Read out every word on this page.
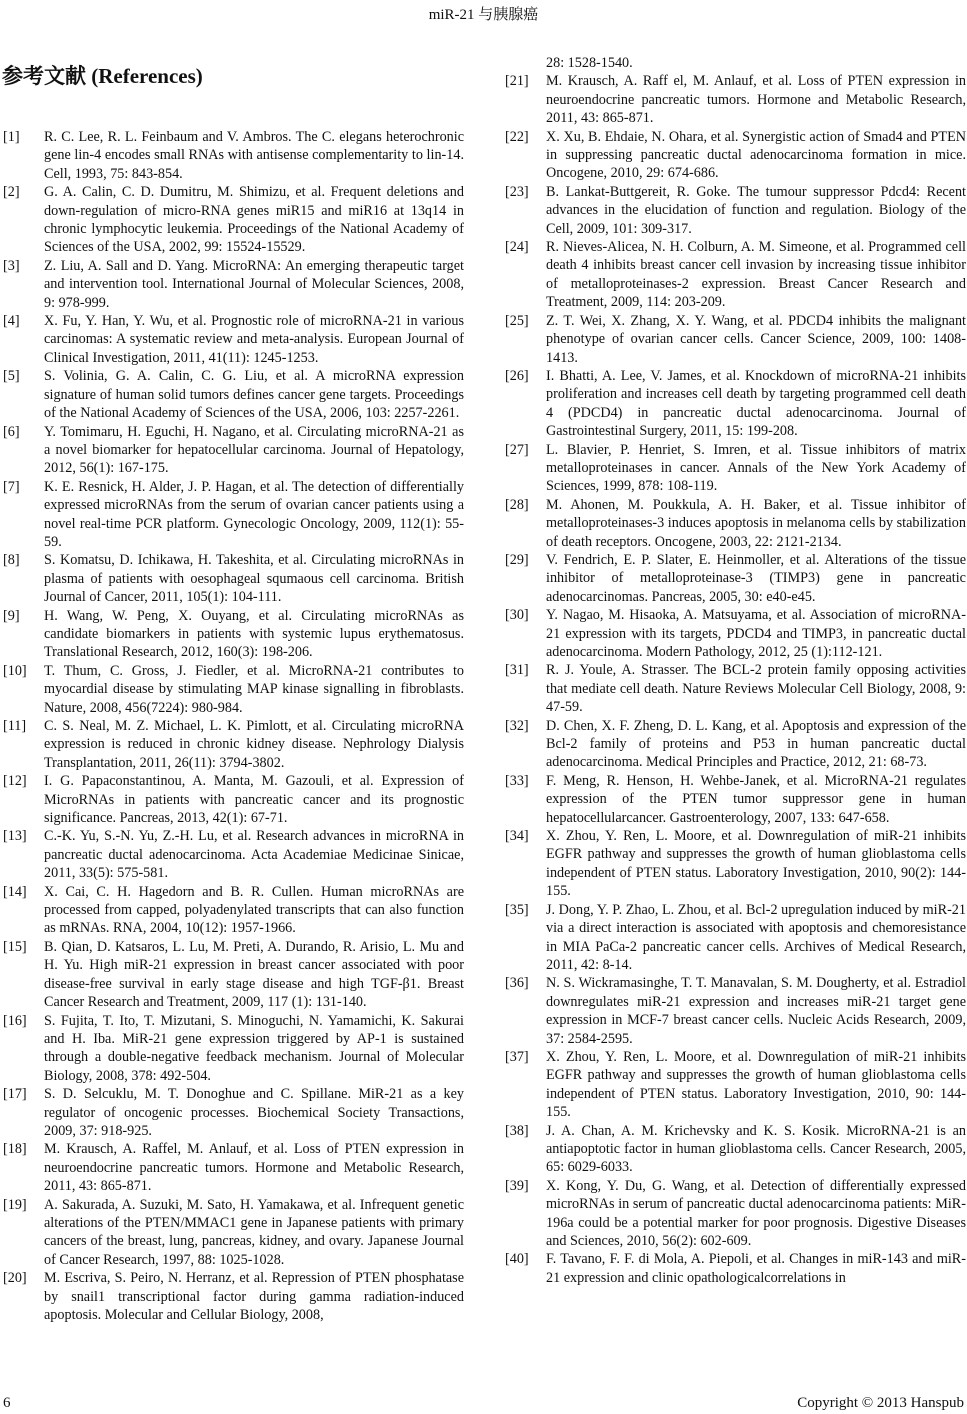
miR-21 与胰腺癌
参考文献 (References)
[1]	R. C. Lee, R. L. Feinbaum and V. Ambros. The C. elegans heterochronic gene lin-4 encodes small RNAs with antisense complementarity to lin-14. Cell, 1993, 75: 843-854.
[2]	G. A. Calin, C. D. Dumitru, M. Shimizu, et al. Frequent deletions and down-regulation of micro-RNA genes miR15 and miR16 at 13q14 in chronic lymphocytic leukemia. Proceedings of the National Academy of Sciences of the USA, 2002, 99: 15524-15529.
[3]	Z. Liu, A. Sall and D. Yang. MicroRNA: An emerging therapeutic target and intervention tool. International Journal of Molecular Sciences, 2008, 9: 978-999.
[4]	X. Fu, Y. Han, Y. Wu, et al. Prognostic role of microRNA-21 in various carcinomas: A systematic review and meta-analysis. European Journal of Clinical Investigation, 2011, 41(11): 1245-1253.
[5]	S. Volinia, G. A. Calin, C. G. Liu, et al. A microRNA expression signature of human solid tumors defines cancer gene targets. Proceedings of the National Academy of Sciences of the USA, 2006, 103: 2257-2261.
[6]	Y. Tomimaru, H. Eguchi, H. Nagano, et al. Circulating microRNA-21 as a novel biomarker for hepatocellular carcinoma. Journal of Hepatology, 2012, 56(1): 167-175.
[7]	K. E. Resnick, H. Alder, J. P. Hagan, et al. The detection of differentially expressed microRNAs from the serum of ovarian cancer patients using a novel real-time PCR platform. Gynecologic Oncology, 2009, 112(1): 55-59.
[8]	S. Komatsu, D. Ichikawa, H. Takeshita, et al. Circulating microRNAs in plasma of patients with oesophageal squmaous cell carcinoma. British Journal of Cancer, 2011, 105(1): 104-111.
[9]	H. Wang, W. Peng, X. Ouyang, et al. Circulating microRNAs as candidate biomarkers in patients with systemic lupus erythematosus. Translational Research, 2012, 160(3): 198-206.
[10]	T. Thum, C. Gross, J. Fiedler, et al. MicroRNA-21 contributes to myocardial disease by stimulating MAP kinase signalling in fibroblasts. Nature, 2008, 456(7224): 980-984.
[11]	C. S. Neal, M. Z. Michael, L. K. Pimlott, et al. Circulating microRNA expression is reduced in chronic kidney disease. Nephrology Dialysis Transplantation, 2011, 26(11): 3794-3802.
[12]	I. G. Papaconstantinou, A. Manta, M. Gazouli, et al. Expression of MicroRNAs in patients with pancreatic cancer and its prognostic significance. Pancreas, 2013, 42(1): 67-71.
[13]	C.-K. Yu, S.-N. Yu, Z.-H. Lu, et al. Research advances in microRNA in pancreatic ductal adenocarcinoma. Acta Academiae Medicinae Sinicae, 2011, 33(5): 575-581.
[14]	X. Cai, C. H. Hagedorn and B. R. Cullen. Human microRNAs are processed from capped, polyadenylated transcripts that can also function as mRNAs. RNA, 2004, 10(12): 1957-1966.
[15]	B. Qian, D. Katsaros, L. Lu, M. Preti, A. Durando, R. Arisio, L. Mu and H. Yu. High miR-21 expression in breast cancer associated with poor disease-free survival in early stage disease and high TGF-β1. Breast Cancer Research and Treatment, 2009, 117 (1): 131-140.
[16]	S. Fujita, T. Ito, T. Mizutani, S. Minoguchi, N. Yamamichi, K. Sakurai and H. Iba. MiR-21 gene expression triggered by AP-1 is sustained through a double-negative feedback mechanism. Journal of Molecular Biology, 2008, 378: 492-504.
[17]	S. D. Selcuklu, M. T. Donoghue and C. Spillane. MiR-21 as a key regulator of oncogenic processes. Biochemical Society Transactions, 2009, 37: 918-925.
[18]	M. Krausch, A. Raffel, M. Anlauf, et al. Loss of PTEN expression in neuroendocrine pancreatic tumors. Hormone and Metabolic Research, 2011, 43: 865-871.
[19]	A. Sakurada, A. Suzuki, M. Sato, H. Yamakawa, et al. Infrequent genetic alterations of the PTEN/MMAC1 gene in Japanese patients with primary cancers of the breast, lung, pancreas, kidney, and ovary. Japanese Journal of Cancer Research, 1997, 88: 1025-1028.
[20]	M. Escriva, S. Peiro, N. Herranz, et al. Repression of PTEN phosphatase by snail1 transcriptional factor during gamma radiation-induced apoptosis. Molecular and Cellular Biology, 2008,
28: 1528-1540.
[21]	M. Krausch, A. Raff el, M. Anlauf, et al. Loss of PTEN expression in neuroendocrine pancreatic tumors. Hormone and Metabolic Research, 2011, 43: 865-871.
[22]	X. Xu, B. Ehdaie, N. Ohara, et al. Synergistic action of Smad4 and PTEN in suppressing pancreatic ductal adenocarcinoma formation in mice. Oncogene, 2010, 29: 674-686.
[23]	B. Lankat-Buttgereit, R. Goke. The tumour suppressor Pdcd4: Recent advances in the elucidation of function and regulation. Biology of the Cell, 2009, 101: 309-317.
[24]	R. Nieves-Alicea, N. H. Colburn, A. M. Simeone, et al. Programmed cell death 4 inhibits breast cancer cell invasion by increasing tissue inhibitor of metalloproteinases-2 expression. Breast Cancer Research and Treatment, 2009, 114: 203-209.
[25]	Z. T. Wei, X. Zhang, X. Y. Wang, et al. PDCD4 inhibits the malignant phenotype of ovarian cancer cells. Cancer Science, 2009, 100: 1408-1413.
[26]	I. Bhatti, A. Lee, V. James, et al. Knockdown of microRNA-21 inhibits proliferation and increases cell death by targeting programmed cell death 4 (PDCD4) in pancreatic ductal adenocarcinoma. Journal of Gastrointestinal Surgery, 2011, 15: 199-208.
[27]	L. Blavier, P. Henriet, S. Imren, et al. Tissue inhibitors of matrix metalloproteinases in cancer. Annals of the New York Academy of Sciences, 1999, 878: 108-119.
[28]	M. Ahonen, M. Poukkula, A. H. Baker, et al. Tissue inhibitor of metalloproteinases-3 induces apoptosis in melanoma cells by stabilization of death receptors. Oncogene, 2003, 22: 2121-2134.
[29]	V. Fendrich, E. P. Slater, E. Heinmoller, et al. Alterations of the tissue inhibitor of metalloproteinase-3 (TIMP3) gene in pancreatic adenocarcinomas. Pancreas, 2005, 30: e40-e45.
[30]	Y. Nagao, M. Hisaoka, A. Matsuyama, et al. Association of microRNA-21 expression with its targets, PDCD4 and TIMP3, in pancreatic ductal adenocarcinoma. Modern Pathology, 2012, 25 (1):112-121.
[31]	R. J. Youle, A. Strasser. The BCL-2 protein family opposing activities that mediate cell death. Nature Reviews Molecular Cell Biology, 2008, 9: 47-59.
[32]	D. Chen, X. F. Zheng, D. L. Kang, et al. Apoptosis and expression of the Bcl-2 family of proteins and P53 in human pancreatic ductal adenocarcinoma. Medical Principles and Practice, 2012, 21: 68-73.
[33]	F. Meng, R. Henson, H. Wehbe-Janek, et al. MicroRNA-21 regulates expression of the PTEN tumor suppressor gene in human hepatocellularcancer. Gastroenterology, 2007, 133: 647-658.
[34]	X. Zhou, Y. Ren, L. Moore, et al. Downregulation of miR-21 inhibits EGFR pathway and suppresses the growth of human glioblastoma cells independent of PTEN status. Laboratory Investigation, 2010, 90(2): 144-155.
[35]	J. Dong, Y. P. Zhao, L. Zhou, et al. Bcl-2 upregulation induced by miR-21 via a direct interaction is associated with apoptosis and chemoresistance in MIA PaCa-2 pancreatic cancer cells. Archives of Medical Research, 2011, 42: 8-14.
[36]	N. S. Wickramasinghe, T. T. Manavalan, S. M. Dougherty, et al. Estradiol downregulates miR-21 expression and increases miR-21 target gene expression in MCF-7 breast cancer cells. Nucleic Acids Research, 2009, 37: 2584-2595.
[37]	X. Zhou, Y. Ren, L. Moore, et al. Downregulation of miR-21 inhibits EGFR pathway and suppresses the growth of human glioblastoma cells independent of PTEN status. Laboratory Investigation, 2010, 90: 144-155.
[38]	J. A. Chan, A. M. Krichevsky and K. S. Kosik. MicroRNA-21 is an antiapoptotic factor in human glioblastoma cells. Cancer Research, 2005, 65: 6029-6033.
[39]	X. Kong, Y. Du, G. Wang, et al. Detection of differentially expressed microRNAs in serum of pancreatic ductal adenocarcinoma patients: MiR-196a could be a potential marker for poor prognosis. Digestive Diseases and Sciences, 2010, 56(2): 602-609.
[40]	F. Tavano, F. F. di Mola, A. Piepoli, et al. Changes in miR-143 and miR-21 expression and clinic opathologicalcorrelations in
6	Copyright © 2013 Hanspub
